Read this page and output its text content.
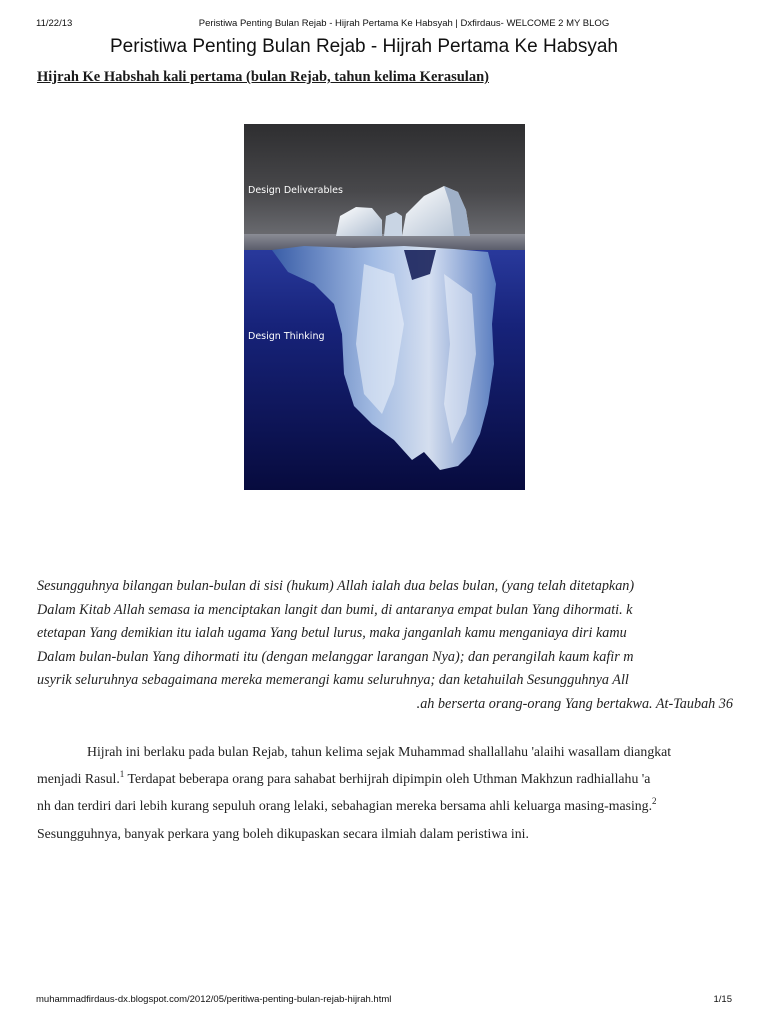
11/22/13	Peristiwa Penting Bulan Rejab - Hijrah Pertama Ke Habsyah | Dxfirdaus- WELCOME 2 MY BLOG
Peristiwa Penting Bulan Rejab - Hijrah Pertama Ke Habsyah
Hijrah Ke Habshah kali pertama (bulan Rejab, tahun kelima Kerasulan)
Design Deliverables
Design Thinking
Sesungguhnya bilangan bulan-bulan di sisi (hukum) Allah ialah dua belas bulan, (yang telah ditetapkan)
Dalam Kitab Allah semasa ia menciptakan langit dan bumi, di antaranya empat bulan Yang dihormati. k
etetapan Yang demikian itu ialah ugama Yang betul lurus, maka janganlah kamu menganiaya diri kamu
Dalam bulan-bulan Yang dihormati itu (dengan melanggar larangan Nya); dan perangilah kaum kafir m
usyrik seluruhnya sebagaimana mereka memerangi kamu seluruhnya; dan ketahuilah Sesungguhnya All
.ah berserta orang-orang Yang bertakwa. At-Taubah 36
Hijrah ini berlaku pada bulan Rejab, tahun kelima sejak Muhammad shallallahu 'alaihi wasallam diangkat
menjadi Rasul.$^1$ Terdapat beberapa orang para sahabat berhijrah dipimpin oleh Uthman Makhzun radhiallahu 'a
nh dan terdiri dari lebih kurang sepuluh orang lelaki, sebahagian mereka bersama ahli keluarga masing-masing.$^2$
Sesungguhnya, banyak perkara yang boleh dikupaskan secara ilmiah dalam peristiwa ini.
muhammadfirdaus-dx.blogspot.com/2012/05/peritiwa-penting-bulan-rejab-hijrah.html	1/15
